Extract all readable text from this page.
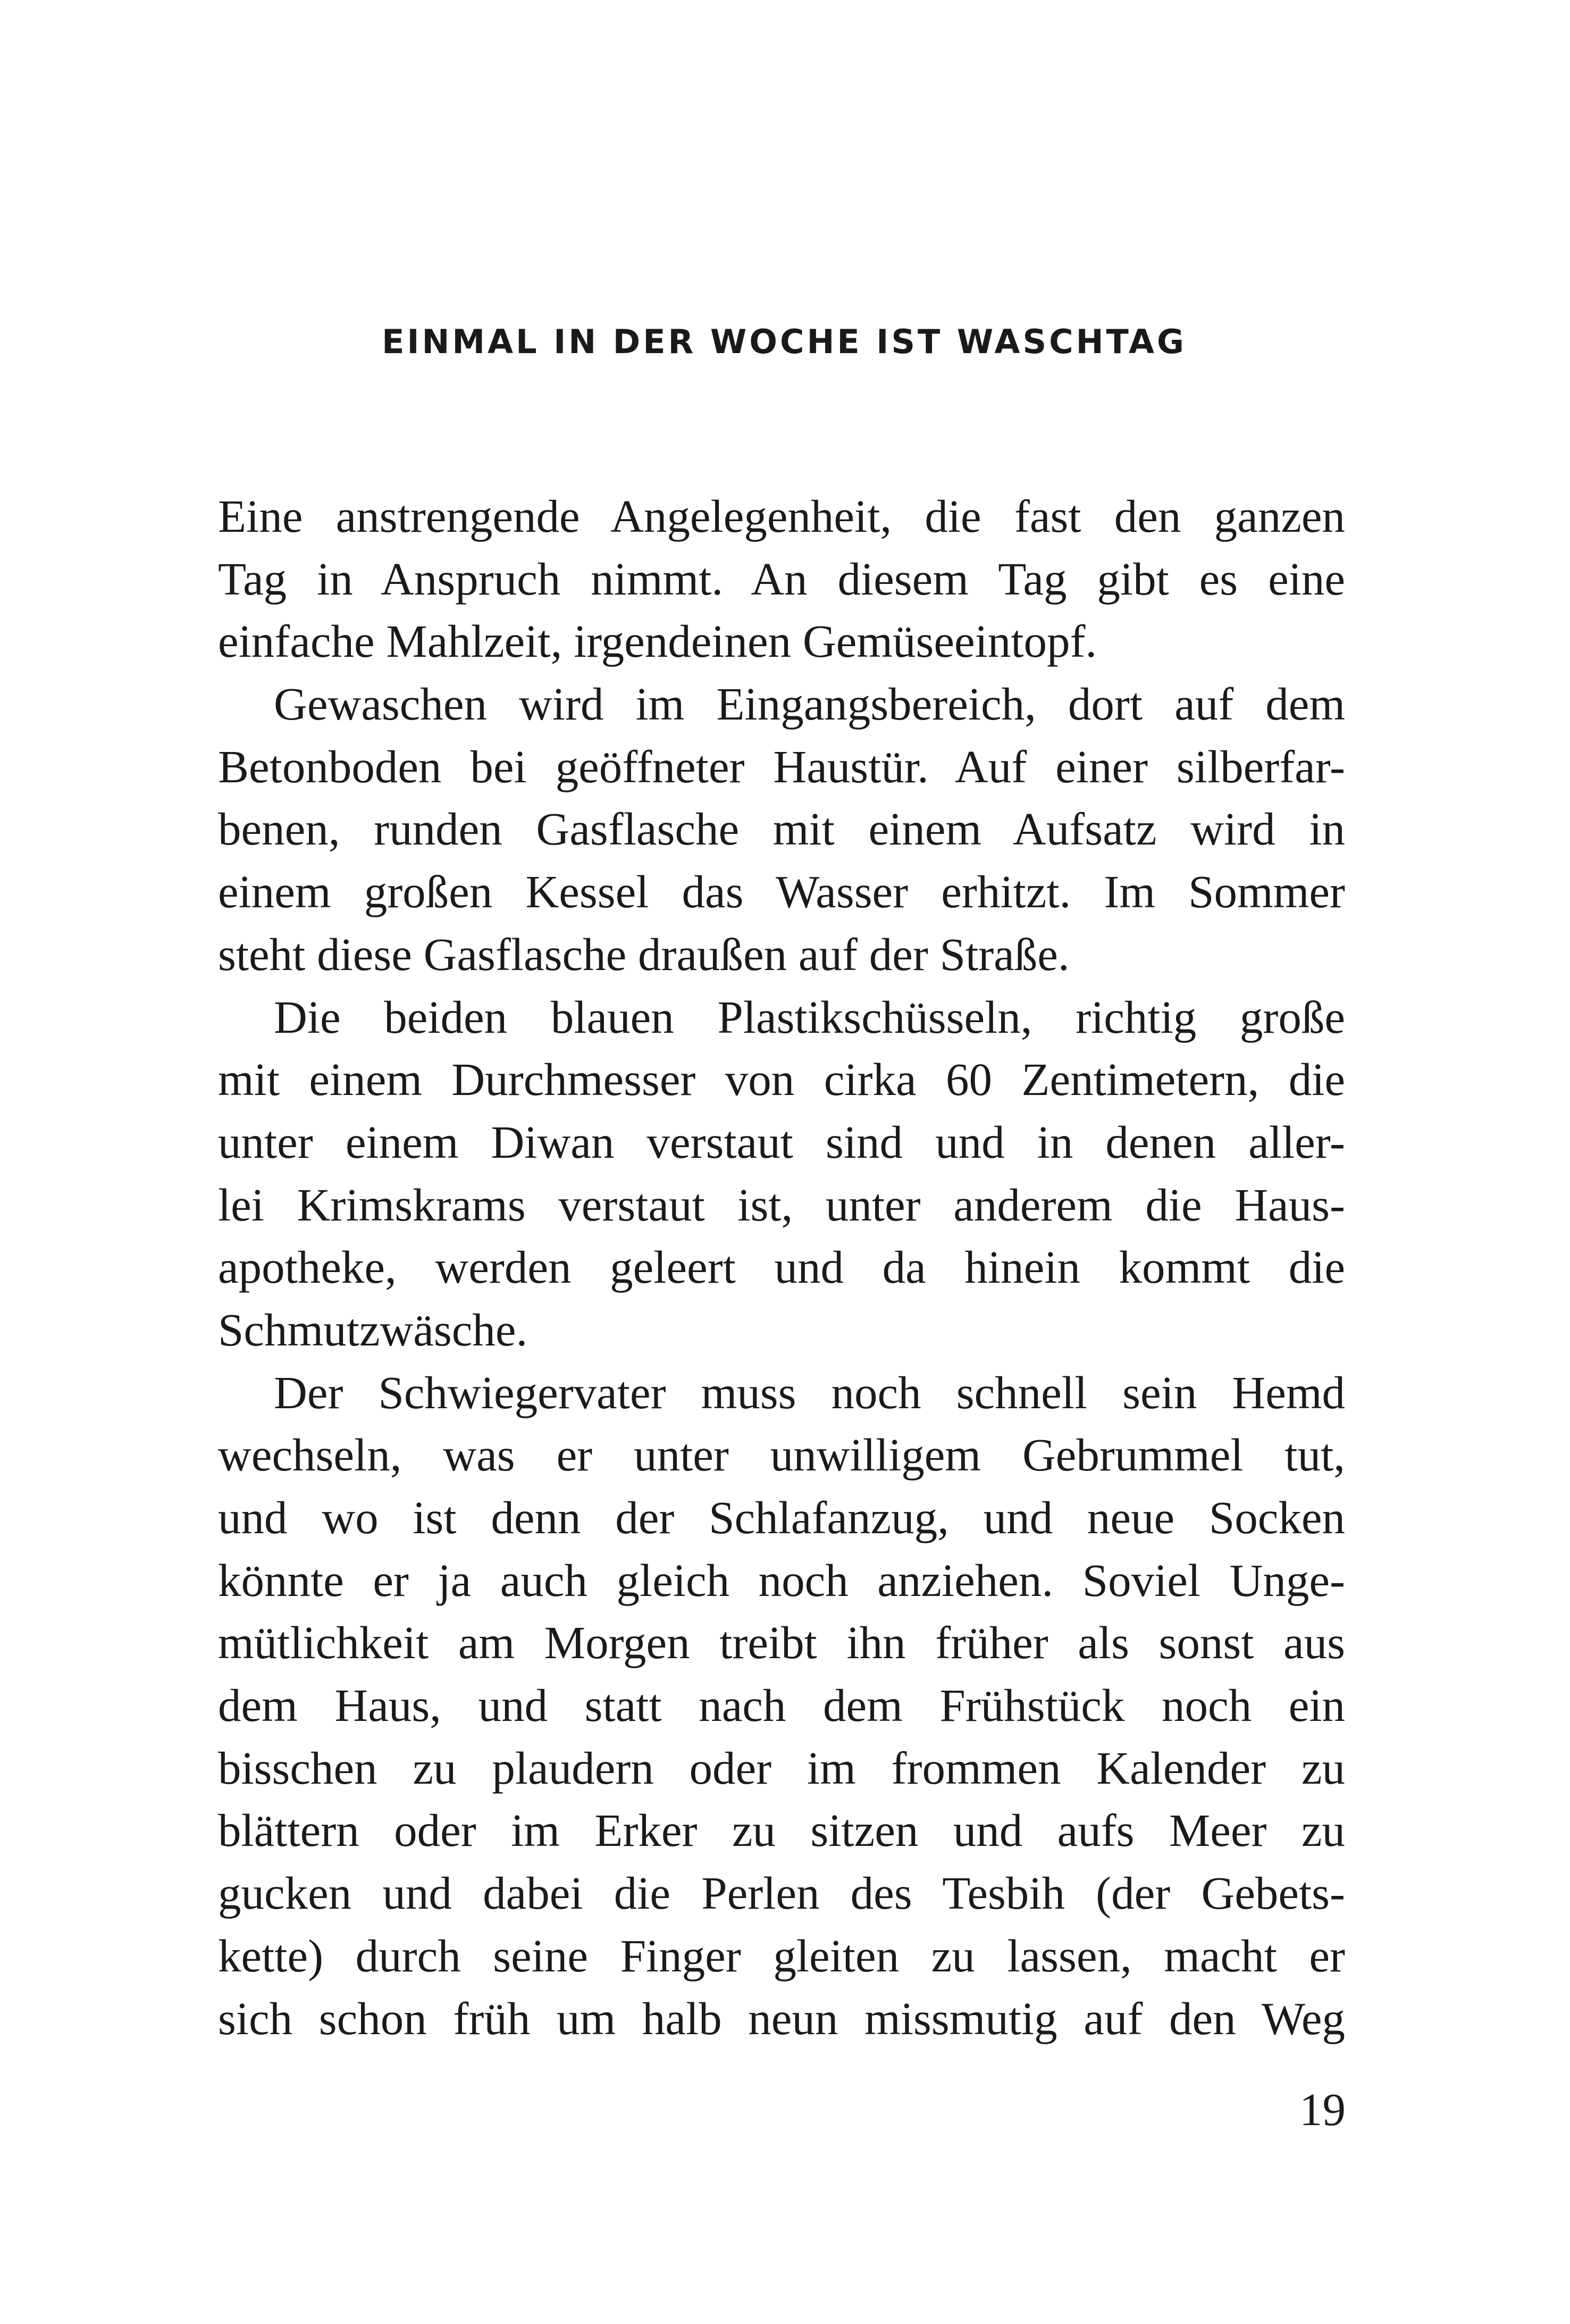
EINMAL IN DER WOCHE IST WASCHTAG
Eine anstrengende Angelegenheit, die fast den ganzen
Tag in Anspruch nimmt. An diesem Tag gibt es eine
einfache Mahlzeit, irgendeinen Gemüseeintopf.
Gewaschen wird im Eingangsbereich, dort auf dem
Betonboden bei geöffneter Haustür. Auf einer silberfar-
benen, runden Gasflasche mit einem Aufsatz wird in
einem großen Kessel das Wasser erhitzt. Im Sommer
steht diese Gasflasche draußen auf der Straße.
Die beiden blauen Plastikschüsseln, richtig große
mit einem Durchmesser von cirka 60 Zentimetern, die
unter einem Diwan verstaut sind und in denen aller-
lei Krimskrams verstaut ist, unter anderem die Haus-
apotheke, werden geleert und da hinein kommt die
Schmutzwäsche.
Der Schwiegervater muss noch schnell sein Hemd
wechseln, was er unter unwilligem Gebrummel tut,
und wo ist denn der Schlafanzug, und neue Socken
könnte er ja auch gleich noch anziehen. Soviel Unge-
mütlichkeit am Morgen treibt ihn früher als sonst aus
dem Haus, und statt nach dem Frühstück noch ein
bisschen zu plaudern oder im frommen Kalender zu
blättern oder im Erker zu sitzen und aufs Meer zu
gucken und dabei die Perlen des Tesbih (der Gebets-
kette) durch seine Finger gleiten zu lassen, macht er
sich schon früh um halb neun missmutig auf den Weg
19
